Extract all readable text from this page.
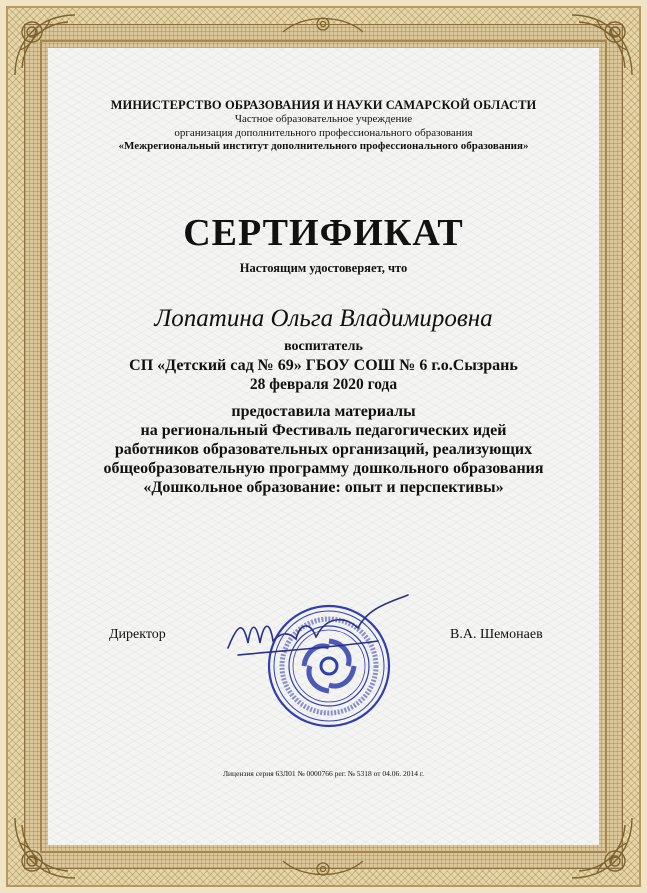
МИНИСТЕРСТВО ОБРАЗОВАНИЯ И НАУКИ САМАРСКОЙ ОБЛАСТИ
Частное образовательное учреждение
организация дополнительного профессионального образования
«Межрегиональный институт дополнительного профессионального образования»
СЕРТИФИКАТ
Настоящим удостоверяет, что
Лопатина Ольга Владимировна
воспитатель
СП «Детский сад № 69» ГБОУ СОШ № 6 г.о.Сызрань
28 февраля 2020 года
предоставила материалы
на региональный Фестиваль педагогических идей
работников образовательных организаций, реализующих
общеобразовательную программу дошкольного образования
«Дошкольное образование: опыт и перспективы»
Директор	В.А. Шемонаев
Лицензия серия 63Л01 № 0000766 рег. № 5318 от 04.06. 2014 г.
